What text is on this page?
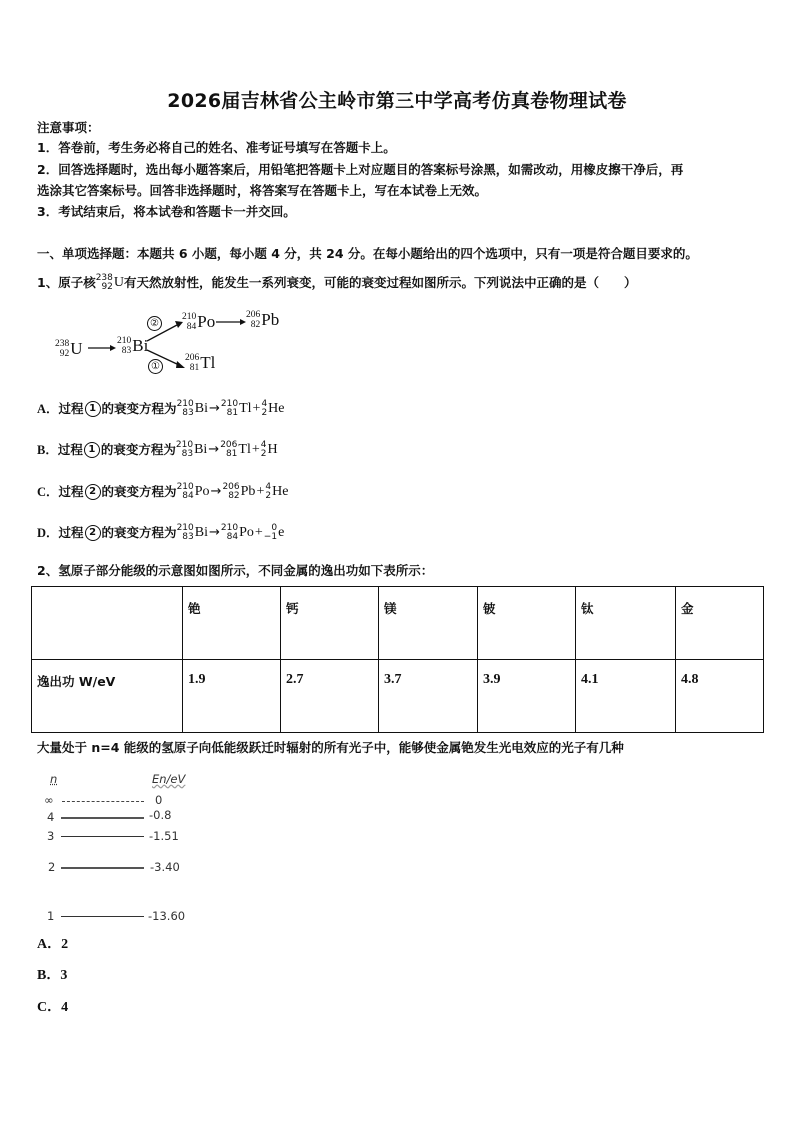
2026届吉林省公主岭市第三中学高考仿真卷物理试卷
注意事项：
1．答卷前，考生务必将自己的姓名、准考证号填写在答题卡上。
2．回答选择题时，选出每小题答案后，用铅笔把答题卡上对应题目的答案标号涂黑，如需改动，用橡皮擦干净后，再
选涂其它答案标号。回答非选择题时，将答案写在答题卡上，写在本试卷上无效。
3．考试结束后，将本试卷和答题卡一并交回。
一、单项选择题：本题共 6 小题，每小题 4 分，共 24 分。在每小题给出的四个选项中，只有一项是符合题目要求的。
1、原子核 238
92 U 有天然放射性，能发生一系列衰变，可能的衰变过程如图所示。下列说法中正确的是（　　）
238
92 U	210
83 Bi
②
①
210
84 Po	206
82 Pb
206
81 Tl
A． 过程 1 的衰变方程为 210
83 Bi → 210
81 Tl + 4
2 He
B． 过程 1 的衰变方程为 210
83 Bi → 206
81 Tl + 4
2 H
C． 过程 2 的衰变方程为 210
84 Po → 206
82 Pb + 4
2 He
D． 过程 2 的衰变方程为 210
83 Bi → 210
84 Po + 0
−1 e
2、氢原子部分能级的示意图如图所示，不同金属的逸出功如下表所示：
	铯	钙	镁	铍	钛	金
逸出功 W/eV	1.9	2.7	3.7	3.9	4.1	4.8
大量处于 n=4 能级的氢原子向低能级跃迁时辐射的所有光子中，能够使金属铯发生光电效应的光子有几种
n	En/eV
∞	0
4	-0.8
3	-1.51
2	-3.40
1	-13.60
A．2
B．3
C．4
